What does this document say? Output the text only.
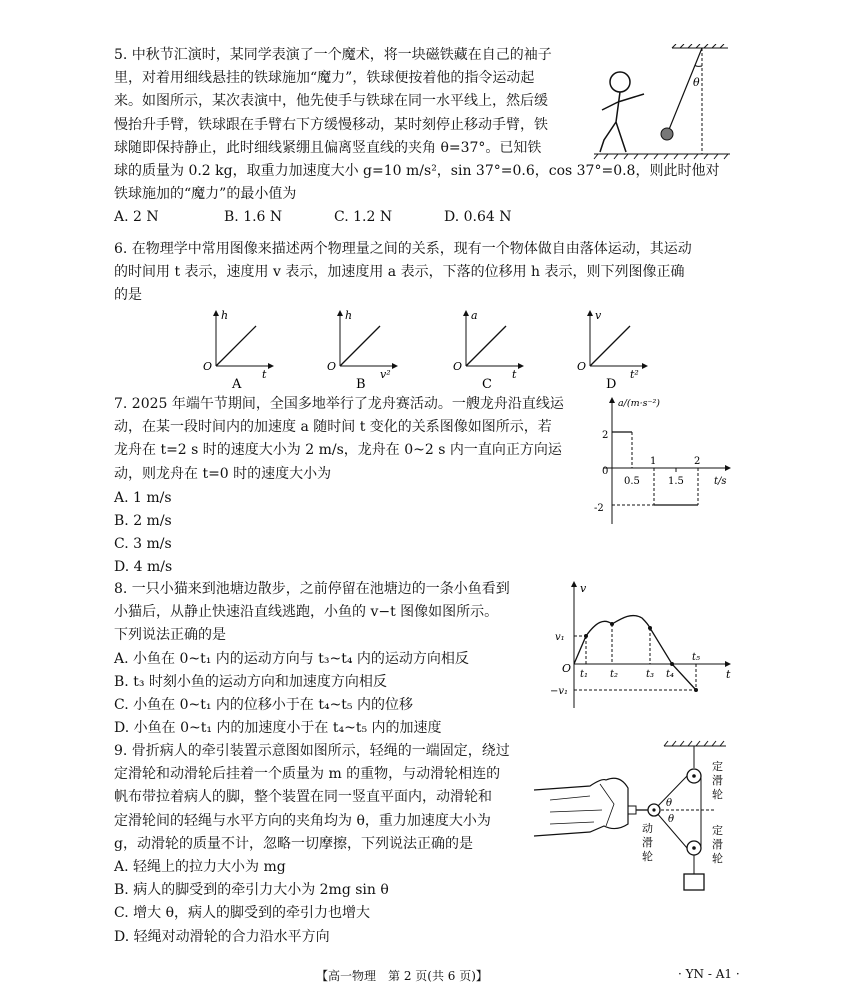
5. 中秋节汇演时，某同学表演了一个魔术，将一块磁铁藏在自己的袖子
里，对着用细线悬挂的铁球施加“魔力”，铁球便按着他的指令运动起
来。如图所示，某次表演中，他先使手与铁球在同一水平线上，然后缓
慢抬升手臂，铁球跟在手臂右下方缓慢移动，某时刻停止移动手臂，铁
球随即保持静止，此时细线紧绷且偏离竖直线的夹角 θ=37°。已知铁
球的质量为 0.2 kg，取重力加速度大小 g=10 m/s²，sin 37°=0.6，cos 37°=0.8，则此时他对
铁球施加的“魔力”的最小值为
A. 2 N	B. 1.6 N	C. 1.2 N	D. 0.64 N
θ
6. 在物理学中常用图像来描述两个物理量之间的关系，现有一个物体做自由落体运动，其运动
的时间用 t 表示，速度用 v 表示，加速度用 a 表示，下落的位移用 h 表示，则下列图像正确
的是
h
t
O
A
h
v²
O
B
a
t
O
C
v
t²
O
D
7. 2025 年端午节期间，全国多地举行了龙舟赛活动。一艘龙舟沿直线运
动，在某一段时间内的加速度 a 随时间 t 变化的关系图像如图所示，若
龙舟在 t=2 s 时的速度大小为 2 m/s，龙舟在 0~2 s 内一直向正方向运
动，则龙舟在 t=0 时的速度大小为
A. 1 m/s
B. 2 m/s
C. 3 m/s
D. 4 m/s
a/(m·s⁻²)
t/s
0
2
-2
0.5
1
1.5
2
8. 一只小猫来到池塘边散步，之前停留在池塘边的一条小鱼看到
小猫后，从静止快速沿直线逃跑，小鱼的 v−t 图像如图所示。
下列说法正确的是
A. 小鱼在 0~t₁ 内的运动方向与 t₃~t₄ 内的运动方向相反
B. t₃ 时刻小鱼的运动方向和加速度方向相反
C. 小鱼在 0~t₁ 内的位移小于在 t₄~t₅ 内的位移
D. 小鱼在 0~t₁ 内的加速度小于在 t₄~t₅ 内的加速度
v
t
O
v₁
−v₁
t₁ t₂	t₃ t₄
t₅
9. 骨折病人的牵引装置示意图如图所示，轻绳的一端固定，绕过
定滑轮和动滑轮后挂着一个质量为 m 的重物，与动滑轮相连的
帆布带拉着病人的脚，整个装置在同一竖直平面内，动滑轮和
定滑轮间的轻绳与水平方向的夹角均为 θ，重力加速度大小为
g，动滑轮的质量不计，忽略一切摩擦，下列说法正确的是
A. 轻绳上的拉力大小为 mg
B. 病人的脚受到的牵引力大小为 2mg sin θ
C. 增大 θ，病人的脚受到的牵引力也增大
D. 轻绳对动滑轮的合力沿水平方向
θ
θ
定
滑
轮
定
滑
轮
动
滑
轮
【高一物理　第 2 页(共 6 页)】	· YN - A1 ·
